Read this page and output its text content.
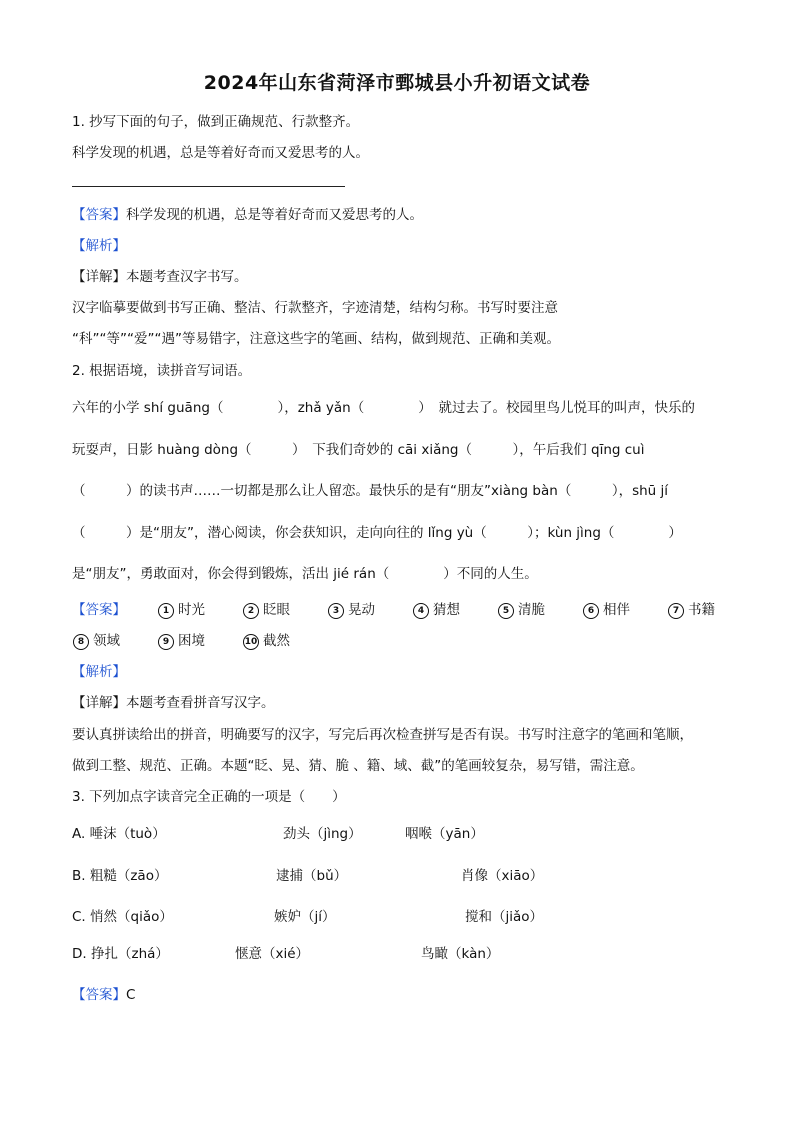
2024年山东省菏泽市鄄城县小升初语文试卷
1. 抄写下面的句子，做到正确规范、行款整齐。
科学发现的机遇，总是等着好奇而又爱思考的人。
【答案】科学发现的机遇，总是等着好奇而又爱思考的人。
【解析】
【详解】本题考查汉字书写。
汉字临摹要做到书写正确、整洁、行款整齐，字迹清楚，结构匀称。书写时要注意
“科”“等”“爱”“遇”等易错字，注意这些字的笔画、结构，做到规范、正确和美观。
2. 根据语境，读拼音写词语。
六年的小学 shí guāng（　　　　），zhǎ yǎn（　　　　）　就过去了。校园里鸟儿悦耳的叫声，快乐的
玩耍声，日影 huàng dòng（　　　）　下我们奇妙的 cāi xiǎng（　　　），午后我们 qīng cuì
（　　　）的读书声……一切都是那么让人留恋。最快乐的是有“朋友”xiàng bàn（　　　），shū jí
（　　　）是“朋友”，潜心阅读，你会获知识，走向向往的 lǐng yù（　　　）；kùn jìng（　　　　）
是“朋友”，勇敢面对，你会得到锻炼，活出 jié rán（　　　　）不同的人生。
【答案】	1 时光	2 眨眼	3 晃动	4 猜想	5 清脆	6 相伴	7 书籍
8 领域	9 困境	10 截然
【解析】
【详解】本题考查看拼音写汉字。
要认真拼读给出的拼音，明确要写的汉字，写完后再次检查拼写是否有误。书写时注意字的笔画和笔顺，
做到工整、规范、正确。本题“眨、晃、猜、脆 、籍、域、截”的笔画较复杂，易写错，需注意。
3. 下列加点字读音完全正确的一项是（　　）
A. 唾沫（tuò）	劲头（jìng）	咽喉（yān）
B. 粗糙（zāo）	逮捕（bǔ）	肖像（xiāo）
C. 悄然（qiǎo）	嫉妒（jí）	搅和（jiǎo）
D. 挣扎（zhá）	惬意（xié）	鸟瞰（kàn）
【答案】C
